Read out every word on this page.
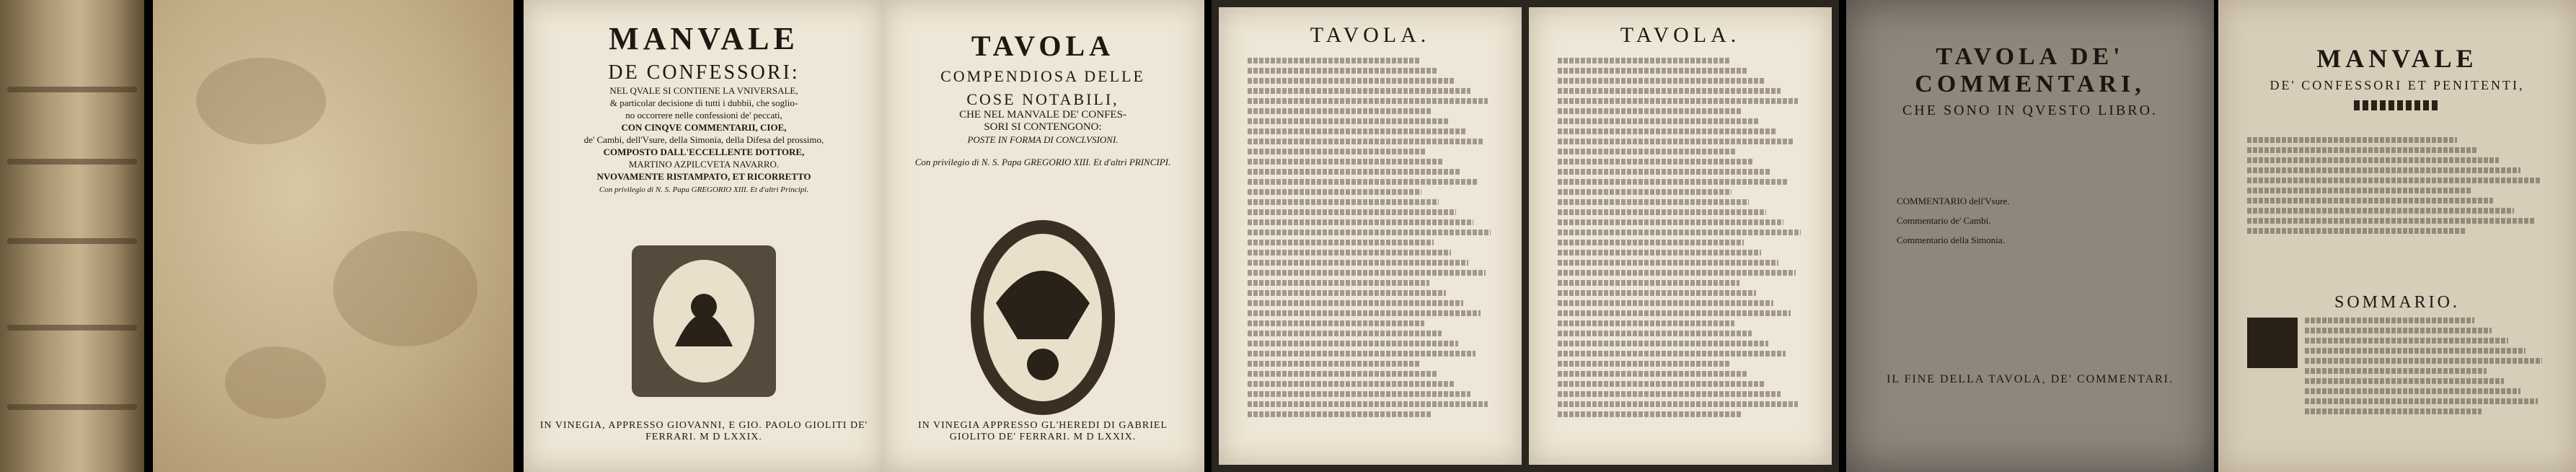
MANVALE
DE CONFESSORI:
NEL QVALE SI CONTIENE LA VNIVERSALE,
& particolar decisione di tutti i dubbii, che soglio-
no occorrere nelle confessioni de' peccati,
CON CINQVE COMMENTARII, CIOE,
de' Cambi, dell'Vsure, della Simonia, della Difesa del prossimo,
COMPOSTO DALL'ECCELLENTE DOTTORE,
MARTINO AZPILCVETA NAVARRO.
NVOVAMENTE RISTAMPATO, ET RICORRETTO
Con privilegio di N. S. Papa GREGORIO XIII. Et d'altri Principi.
IN VINEGIA, APPRESSO GIOVANNI, E GIO. PAOLO GIOLITI DE' FERRARI. M D LXXIX.
TAVOLA
COMPENDIOSA DELLE
COSE NOTABILI,
CHE NEL MANVALE DE' CONFES-
SORI SI CONTENGONO:
POSTE IN FORMA DI CONCLVSIONI.
Con privilegio di N. S. Papa GREGORIO XIII. Et d'altri PRINCIPI.
IN VINEGIA APPRESSO GL'HEREDI DI GABRIEL GIOLITO DE' FERRARI. M D LXXIX.
TAVOLA.	TAVOLA.
TAVOLA DE' COMMENTARI,
CHE SONO IN QVESTO LIBRO.
COMMENTARIO dell'Vsure.
Commentario de' Cambi.
Commentario della Simonia.
IL FINE DELLA TAVOLA, DE' COMMENTARI.
MANVALE
DE' CONFESSORI ET PENITENTI,
SOMMARIO.
